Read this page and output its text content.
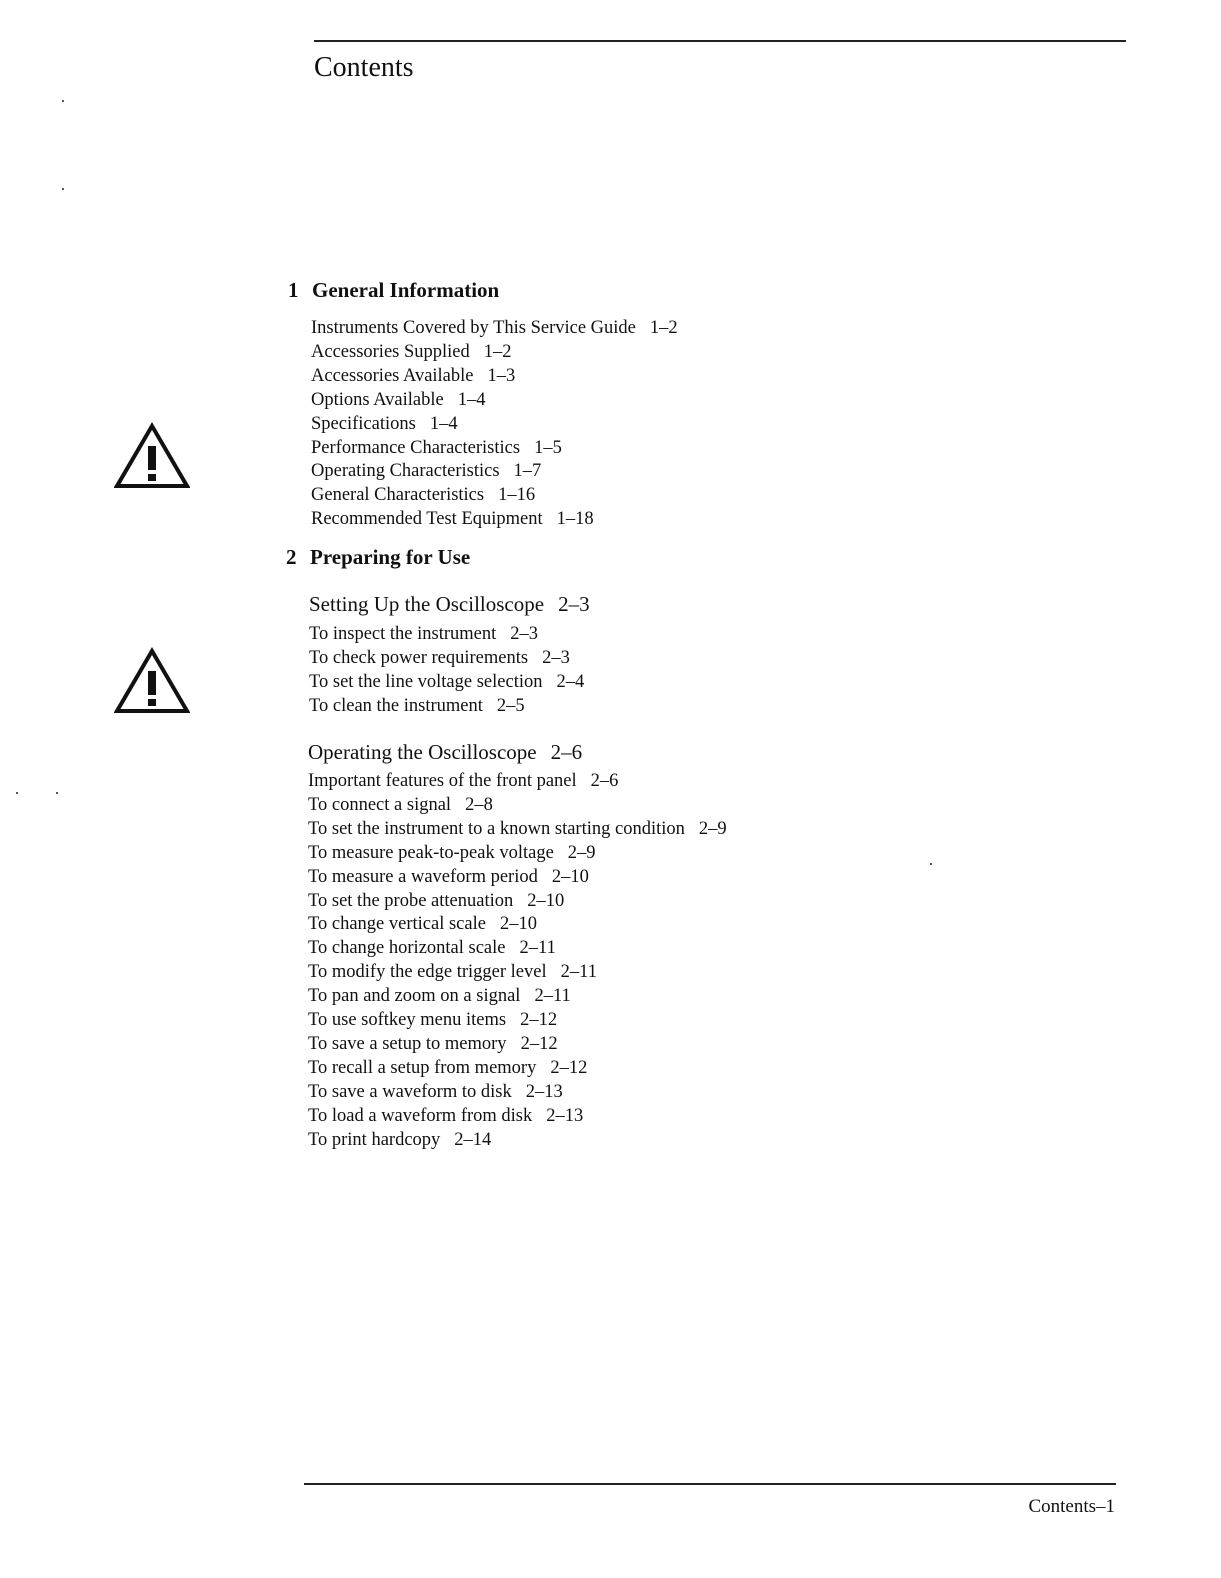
Contents
1 General Information
Instruments Covered by This Service Guide 1–2
Accessories Supplied 1–2
Accessories Available 1–3
Options Available 1–4
Specifications 1–4
Performance Characteristics 1–5
Operating Characteristics 1–7
General Characteristics 1–16
Recommended Test Equipment 1–18
2 Preparing for Use
Setting Up the Oscilloscope 2–3
To inspect the instrument 2–3
To check power requirements 2–3
To set the line voltage selection 2–4
To clean the instrument 2–5
Operating the Oscilloscope 2–6
Important features of the front panel 2–6
To connect a signal 2–8
To set the instrument to a known starting condition 2–9
To measure peak-to-peak voltage 2–9
To measure a waveform period 2–10
To set the probe attenuation 2–10
To change vertical scale 2–10
To change horizontal scale 2–11
To modify the edge trigger level 2–11
To pan and zoom on a signal 2–11
To use softkey menu items 2–12
To save a setup to memory 2–12
To recall a setup from memory 2–12
To save a waveform to disk 2–13
To load a waveform from disk 2–13
To print hardcopy 2–14
Contents–1
